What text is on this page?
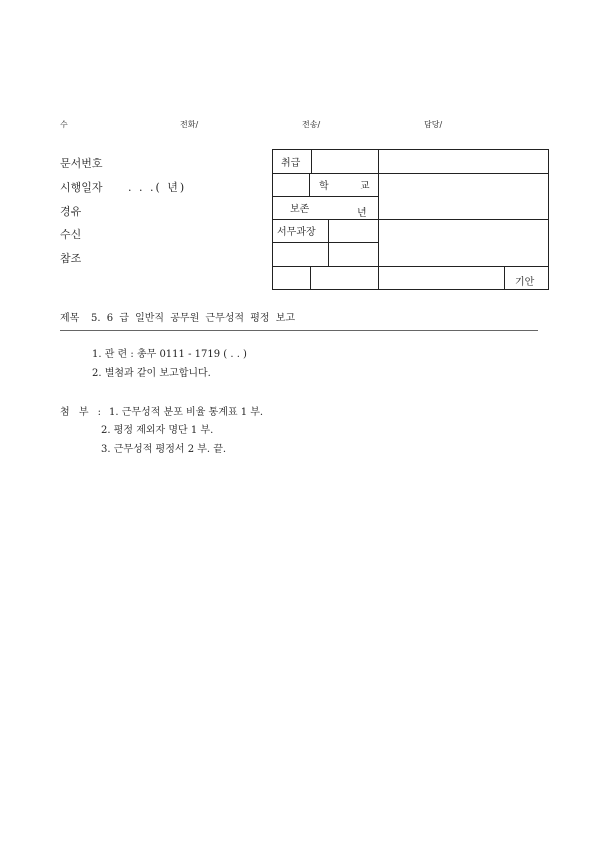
수	전화/	전송/	담당/
문서번호
시행일자 . . .( 년)
경유
수신
참조
취급
학 교
보존	년
서무과장
기안
제목 5. 6 급 일반직 공무원 근무성적 평정 보고
1. 관 련 : 총무 0111 - 1719 ( . . )
2. 별첨과 같이 보고합니다.
첨 부 : 1. 근무성적 분포 비율 통계표 1 부.
2. 평정 제외자 명단 1 부.
3. 근무성적 평정서 2 부. 끝.
